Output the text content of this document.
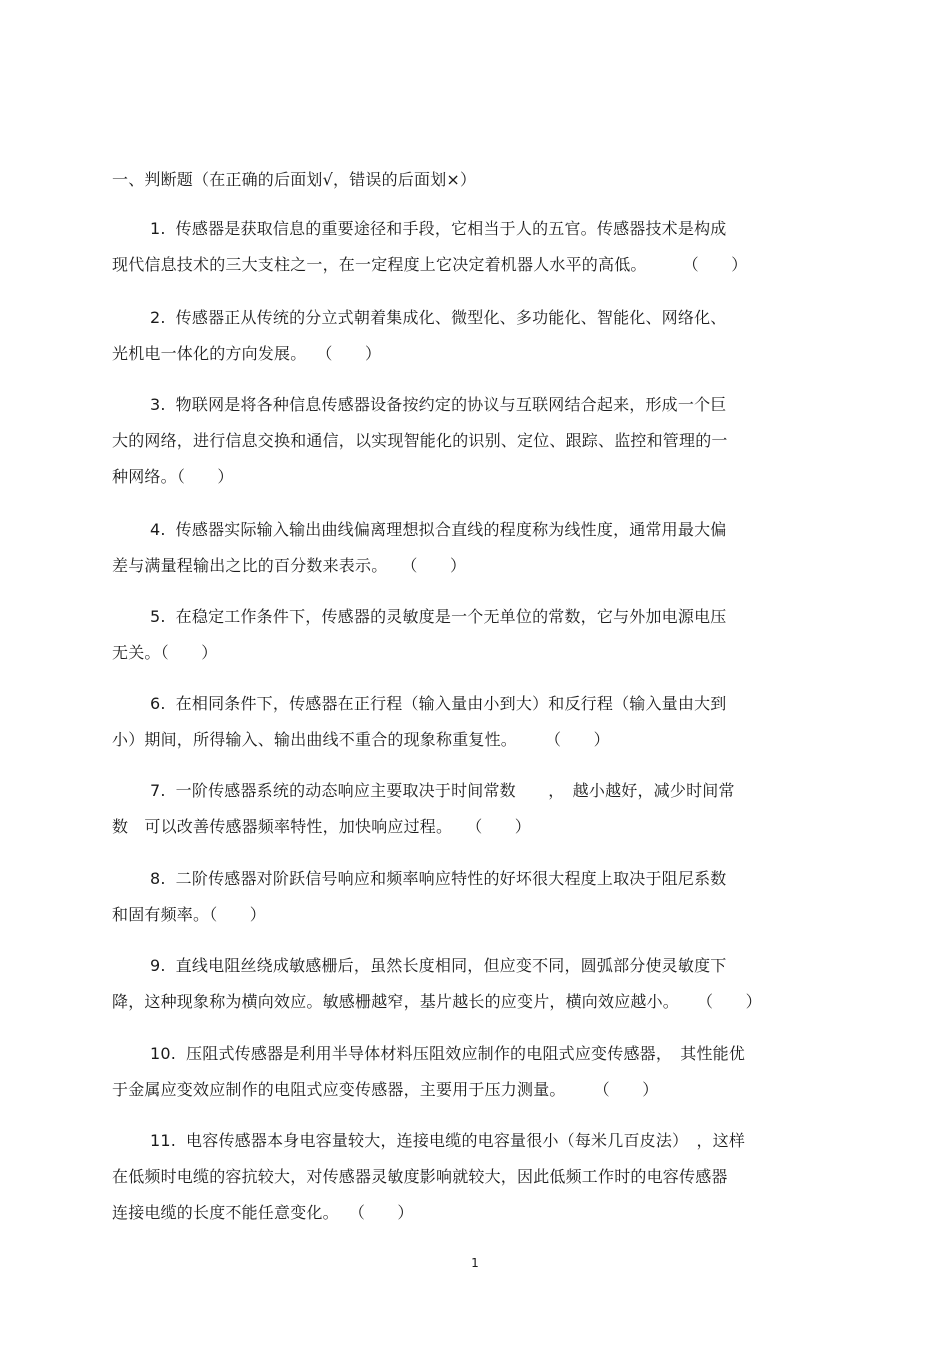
一、判断题（在正确的后面划√，错误的后面划×）
1. 传感器是获取信息的重要途径和手段，它相当于人的五官。传感器技术是构成
现代信息技术的三大支柱之一，在一定程度上它决定着机器人水平的高低。	（　　）
2. 传感器正从传统的分立式朝着集成化、微型化、多功能化、智能化、网络化、
光机电一体化的方向发展。 （　　）
3. 物联网是将各种信息传感器设备按约定的协议与互联网结合起来，形成一个巨
大的网络，进行信息交换和通信，以实现智能化的识别、定位、跟踪、监控和管理的一
种网络。（　　）
4. 传感器实际输入输出曲线偏离理想拟合直线的程度称为线性度，通常用最大偏
差与满量程输出之比的百分数来表示。 （　　）
5. 在稳定工作条件下，传感器的灵敏度是一个无单位的常数，它与外加电源电压
无关。（　　）
6. 在相同条件下，传感器在正行程（输入量由小到大）和反行程（输入量由大到
小）期间，所得输入、输出曲线不重合的现象称重复性。 （　　）
7. 一阶传感器系统的动态响应主要取决于时间常数　　，　越小越好，减少时间常
数　可以改善传感器频率特性，加快响应过程。 （　　）
8. 二阶传感器对阶跃信号响应和频率响应特性的好坏很大程度上取决于阻尼系数
和固有频率。（　　）
9. 直线电阻丝绕成敏感栅后，虽然长度相同，但应变不同，圆弧部分使灵敏度下
降，这种现象称为横向效应。敏感栅越窄，基片越长的应变片，横向效应越小。 （　　）
10. 压阻式传感器是利用半导体材料压阻效应制作的电阻式应变传感器，　其性能优
于金属应变效应制作的电阻式应变传感器，主要用于压力测量。 （　　）
11. 电容传感器本身电容量较大，连接电缆的电容量很小（每米几百皮法）　，这样
在低频时电缆的容抗较大，对传感器灵敏度影响就较大，因此低频工作时的电容传感器
连接电缆的长度不能任意变化。 （　　）
1
